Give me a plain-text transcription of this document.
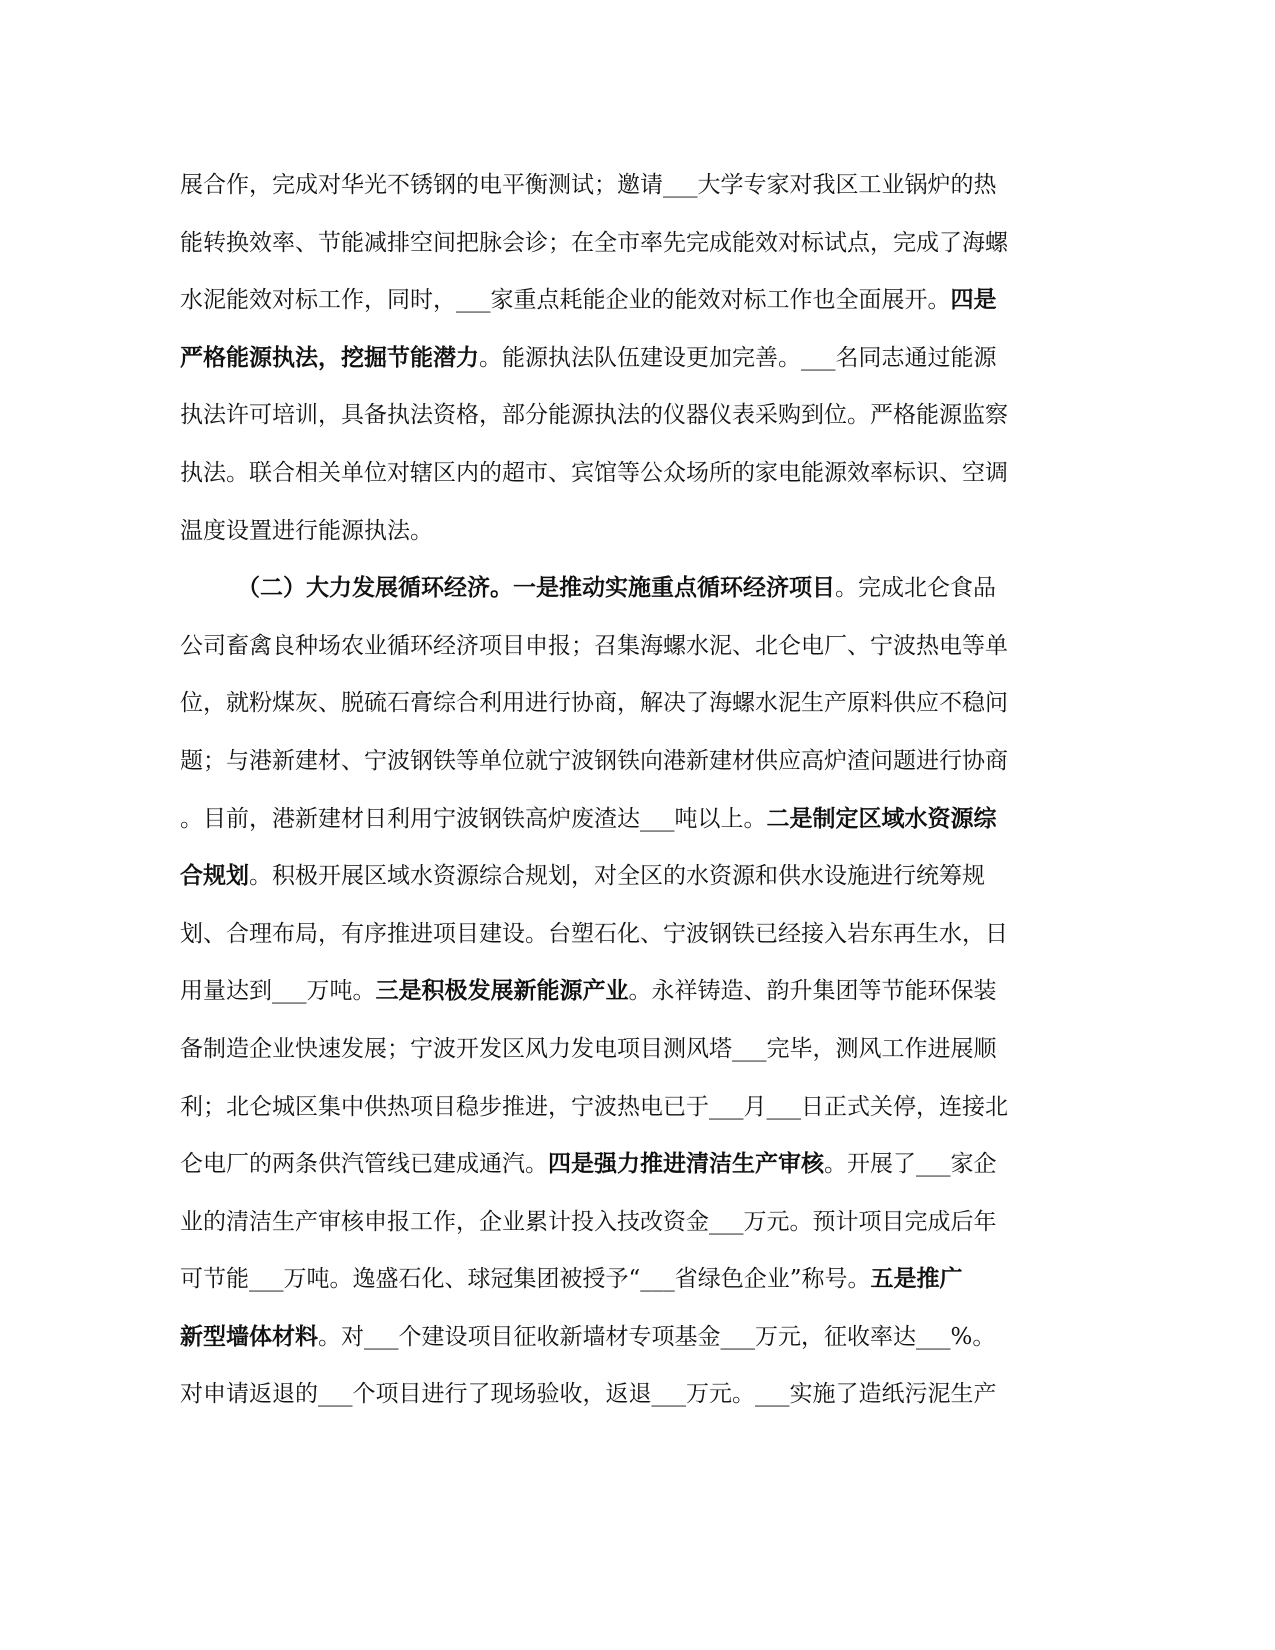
展合作，完成对华光不锈钢的电平衡测试；邀请___大学专家对我区工业锅炉的热
能转换效率、节能减排空间把脉会诊；在全市率先完成能效对标试点，完成了海螺
水泥能效对标工作，同时，___家重点耗能企业的能效对标工作也全面展开。四是
严格能源执法，挖掘节能潜力。能源执法队伍建设更加完善。___名同志通过能源
执法许可培训，具备执法资格，部分能源执法的仪器仪表采购到位。严格能源监察
执法。联合相关单位对辖区内的超市、宾馆等公众场所的家电能源效率标识、空调
温度设置进行能源执法。
（二）大力发展循环经济。一是推动实施重点循环经济项目。完成北仑食品
公司畜禽良种场农业循环经济项目申报；召集海螺水泥、北仑电厂、宁波热电等单
位，就粉煤灰、脱硫石膏综合利用进行协商，解决了海螺水泥生产原料供应不稳问
题；与港新建材、宁波钢铁等单位就宁波钢铁向港新建材供应高炉渣问题进行协商
。目前，港新建材日利用宁波钢铁高炉废渣达___吨以上。二是制定区域水资源综
合规划。积极开展区域水资源综合规划，对全区的水资源和供水设施进行统筹规
划、合理布局，有序推进项目建设。台塑石化、宁波钢铁已经接入岩东再生水，日
用量达到___万吨。三是积极发展新能源产业。永祥铸造、韵升集团等节能环保装
备制造企业快速发展；宁波开发区风力发电项目测风塔___完毕，测风工作进展顺
利；北仑城区集中供热项目稳步推进，宁波热电已于___月___日正式关停，连接北
仑电厂的两条供汽管线已建成通汽。四是强力推进清洁生产审核。开展了___家企
业的清洁生产审核申报工作，企业累计投入技改资金___万元。预计项目完成后年
可节能___万吨。逸盛石化、球冠集团被授予“___省绿色企业”称号。五是推广
新型墙体材料。对___个建设项目征收新墙材专项基金___万元，征收率达___%。
对申请返退的___个项目进行了现场验收，返退___万元。___实施了造纸污泥生产
